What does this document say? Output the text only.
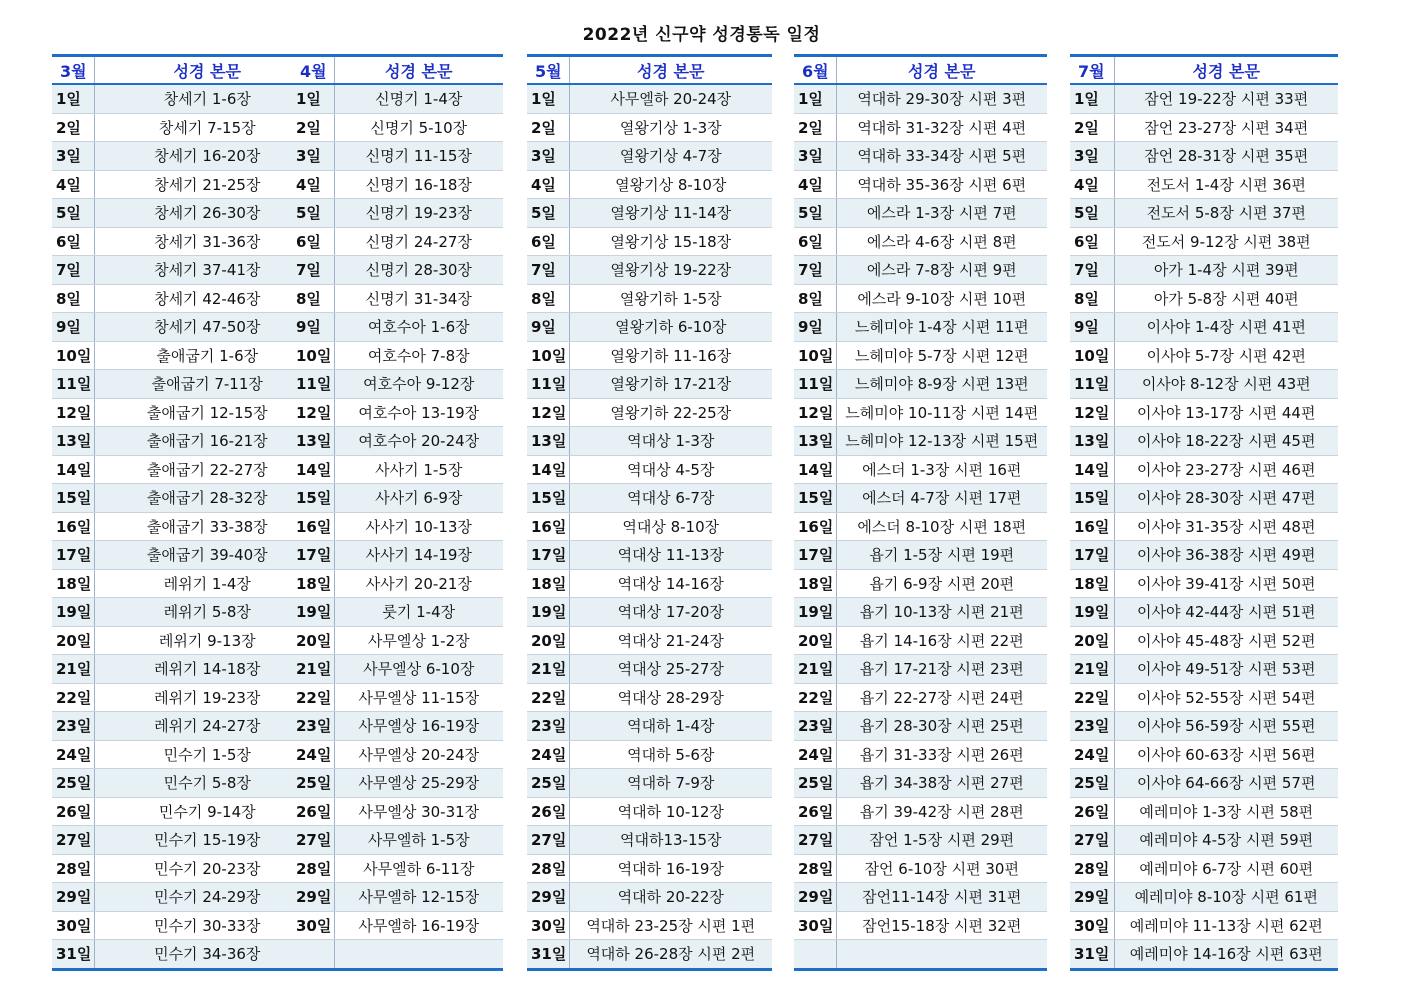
2022년 신구약 성경통독 일정
3월	성경 본문
1일	창세기 1-6장
2일	창세기 7-15장
3일	창세기 16-20장
4일	창세기 21-25장
5일	창세기 26-30장
6일	창세기 31-36장
7일	창세기 37-41장
8일	창세기 42-46장
9일	창세기 47-50장
10일	출애굽기 1-6장
11일	출애굽기 7-11장
12일	출애굽기 12-15장
13일	출애굽기 16-21장
14일	출애굽기 22-27장
15일	출애굽기 28-32장
16일	출애굽기 33-38장
17일	출애굽기 39-40장
18일	레위기 1-4장
19일	레위기 5-8장
20일	레위기 9-13장
21일	레위기 14-18장
22일	레위기 19-23장
23일	레위기 24-27장
24일	민수기 1-5장
25일	민수기 5-8장
26일	민수기 9-14장
27일	민수기 15-19장
28일	민수기 20-23장
29일	민수기 24-29장
30일	민수기 30-33장
31일	민수기 34-36장
4월	성경 본문
1일	신명기 1-4장
2일	신명기 5-10장
3일	신명기 11-15장
4일	신명기 16-18장
5일	신명기 19-23장
6일	신명기 24-27장
7일	신명기 28-30장
8일	신명기 31-34장
9일	여호수아 1-6장
10일	여호수아 7-8장
11일	여호수아 9-12장
12일	여호수아 13-19장
13일	여호수아 20-24장
14일	사사기 1-5장
15일	사사기 6-9장
16일	사사기 10-13장
17일	사사기 14-19장
18일	사사기 20-21장
19일	룻기 1-4장
20일	사무엘상 1-2장
21일	사무엘상 6-10장
22일	사무엘상 11-15장
23일	사무엘상 16-19장
24일	사무엘상 20-24장
25일	사무엘상 25-29장
26일	사무엘상 30-31장
27일	사무엘하 1-5장
28일	사무엘하 6-11장
29일	사무엘하 12-15장
30일	사무엘하 16-19장

5월	성경 본문
1일	사무엘하 20-24장
2일	열왕기상 1-3장
3일	열왕기상 4-7장
4일	열왕기상 8-10장
5일	열왕기상 11-14장
6일	열왕기상 15-18장
7일	열왕기상 19-22장
8일	열왕기하 1-5장
9일	열왕기하 6-10장
10일	열왕기하 11-16장
11일	열왕기하 17-21장
12일	열왕기하 22-25장
13일	역대상 1-3장
14일	역대상 4-5장
15일	역대상 6-7장
16일	역대상 8-10장
17일	역대상 11-13장
18일	역대상 14-16장
19일	역대상 17-20장
20일	역대상 21-24장
21일	역대상 25-27장
22일	역대상 28-29장
23일	역대하 1-4장
24일	역대하 5-6장
25일	역대하 7-9장
26일	역대하 10-12장
27일	역대하13-15장
28일	역대하 16-19장
29일	역대하 20-22장
30일	역대하 23-25장 시편 1편
31일	역대하 26-28장 시편 2편
6월	성경 본문
1일	역대하 29-30장 시편 3편
2일	역대하 31-32장 시편 4편
3일	역대하 33-34장 시편 5편
4일	역대하 35-36장 시편 6편
5일	에스라 1-3장 시편 7편
6일	에스라 4-6장 시편 8편
7일	에스라 7-8장 시편 9편
8일	에스라 9-10장 시편 10편
9일	느헤미야 1-4장 시편 11편
10일	느헤미야 5-7장 시편 12편
11일	느헤미야 8-9장 시편 13편
12일	느헤미야 10-11장 시편 14편
13일	느헤미야 12-13장 시편 15편
14일	에스더 1-3장 시편 16편
15일	에스더 4-7장 시편 17편
16일	에스더 8-10장 시편 18편
17일	욥기 1-5장 시편 19편
18일	욥기 6-9장 시편 20편
19일	욥기 10-13장 시편 21편
20일	욥기 14-16장 시편 22편
21일	욥기 17-21장 시편 23편
22일	욥기 22-27장 시편 24편
23일	욥기 28-30장 시편 25편
24일	욥기 31-33장 시편 26편
25일	욥기 34-38장 시편 27편
26일	욥기 39-42장 시편 28편
27일	잠언 1-5장 시편 29편
28일	잠언 6-10장 시편 30편
29일	잠언11-14장 시편 31편
30일	잠언15-18장 시편 32편

7월	성경 본문
1일	잠언 19-22장 시편 33편
2일	잠언 23-27장 시편 34편
3일	잠언 28-31장 시편 35편
4일	전도서 1-4장 시편 36편
5일	전도서 5-8장 시편 37편
6일	전도서 9-12장 시편 38편
7일	아가 1-4장 시편 39편
8일	아가 5-8장 시편 40편
9일	이사야 1-4장 시편 41편
10일	이사야 5-7장 시편 42편
11일	이사야 8-12장 시편 43편
12일	이사야 13-17장 시편 44편
13일	이사야 18-22장 시편 45편
14일	이사야 23-27장 시편 46편
15일	이사야 28-30장 시편 47편
16일	이사야 31-35장 시편 48편
17일	이사야 36-38장 시편 49편
18일	이사야 39-41장 시편 50편
19일	이사야 42-44장 시편 51편
20일	이사야 45-48장 시편 52편
21일	이사야 49-51장 시편 53편
22일	이사야 52-55장 시편 54편
23일	이사야 56-59장 시편 55편
24일	이사야 60-63장 시편 56편
25일	이사야 64-66장 시편 57편
26일	예레미야 1-3장 시편 58편
27일	예레미야 4-5장 시편 59편
28일	예레미야 6-7장 시편 60편
29일	예레미야 8-10장 시편 61편
30일	예레미야 11-13장 시편 62편
31일	예레미야 14-16장 시편 63편
